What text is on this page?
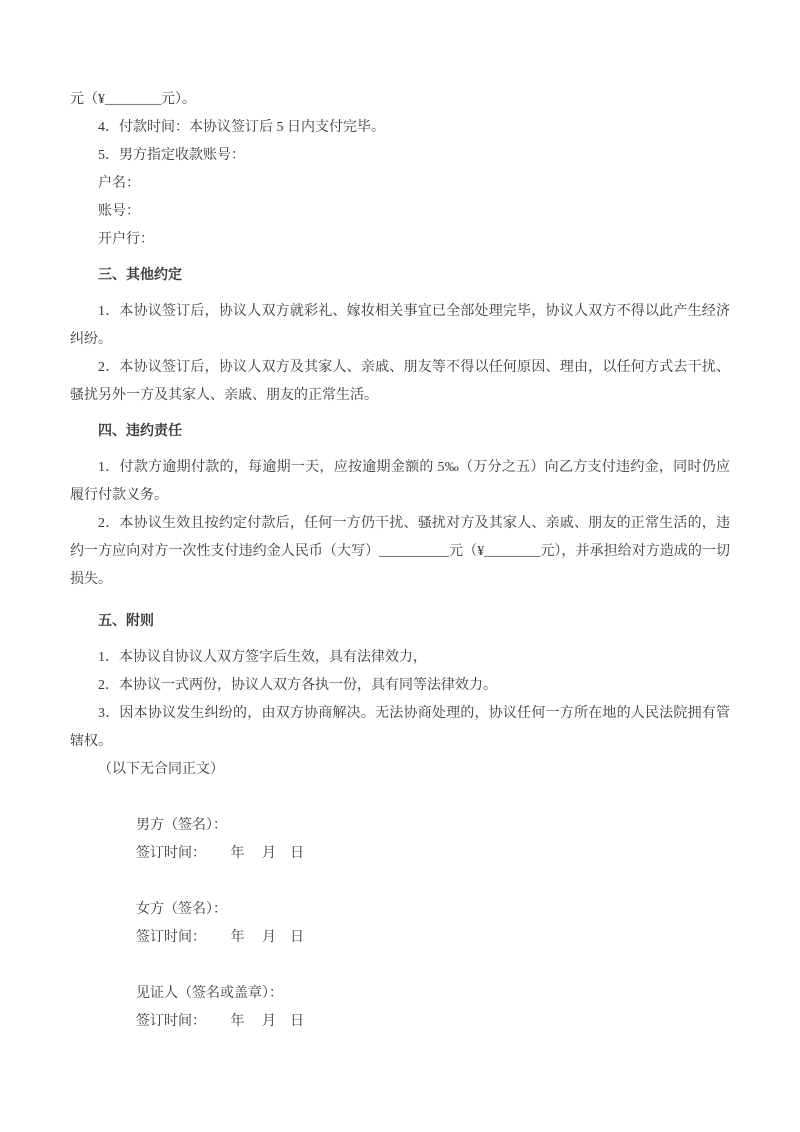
元（¥________元）。

4．付款时间：本协议签订后 5 日内支付完毕。

5．男方指定收款账号：

户名：

账号：

开户行：

三、其他约定

1．本协议签订后，协议人双方就彩礼、嫁妆相关事宜已全部处理完毕，协议人双方不得以此产生经济纠纷。

2．本协议签订后，协议人双方及其家人、亲戚、朋友等不得以任何原因、理由，以任何方式去干扰、骚扰另外一方及其家人、亲戚、朋友的正常生活。

四、违约责任

1．付款方逾期付款的，每逾期一天，应按逾期金额的 5‰（万分之五）向乙方支付违约金，同时仍应履行付款义务。

2．本协议生效且按约定付款后，任何一方仍干扰、骚扰对方及其家人、亲戚、朋友的正常生活的，违约一方应向对方一次性支付违约金人民币（大写）__________元（¥________元），并承担给对方造成的一切损失。

五、附则

1．本协议自协议人双方签字后生效，具有法律效力，

2．本协议一式两份，协议人双方各执一份，具有同等法律效力。

3．因本协议发生纠纷的，由双方协商解决。无法协商处理的，协议任何一方所在地的人民法院拥有管辖权。

（以下无合同正文）

男方（签名）：

签订时间：　　 年　 月　日

女方（签名）：

签订时间：　　 年　 月　日

见证人（签名或盖章）：

签订时间：　　 年　 月　日
